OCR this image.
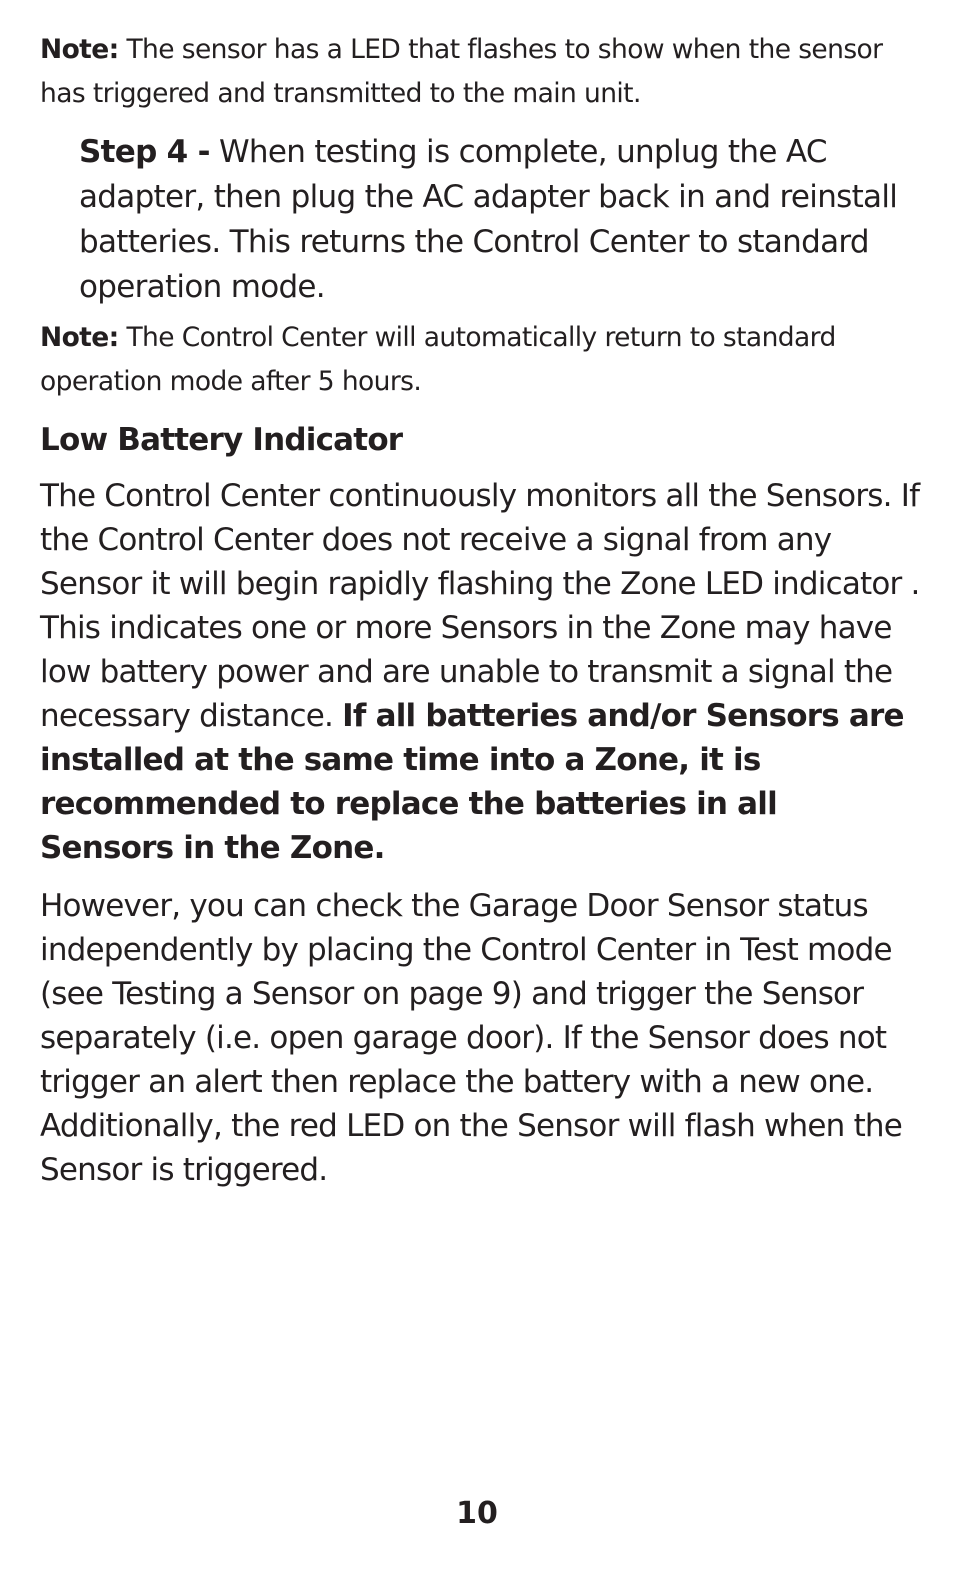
Note: The sensor has a LED that flashes to show when the sensor has triggered and transmitted to the main unit.

Step 4 - When testing is complete, unplug the AC adapter, then plug the AC adapter back in and reinstall batteries. This returns the Control Center to standard operation mode.

Note: The Control Center will automatically return to standard operation mode after 5 hours.

Low Battery Indicator

The Control Center continuously monitors all the Sensors. If the Control Center does not receive a signal from any Sensor it will begin rapidly flashing the Zone LED indicator . This indicates one or more Sensors in the Zone may have low battery power and are unable to transmit a signal the necessary distance. If all batteries and/or Sensors are installed at the same time into a Zone, it is recommended to replace the batteries in all Sensors in the Zone.

However, you can check the Garage Door Sensor status independently by placing the Control Center in Test mode (see Testing a Sensor on page 9) and trigger the Sensor separately (i.e. open garage door). If the Sensor does not trigger an alert then replace the battery with a new one. Additionally, the red LED on the Sensor will flash when the Sensor is triggered.

10
